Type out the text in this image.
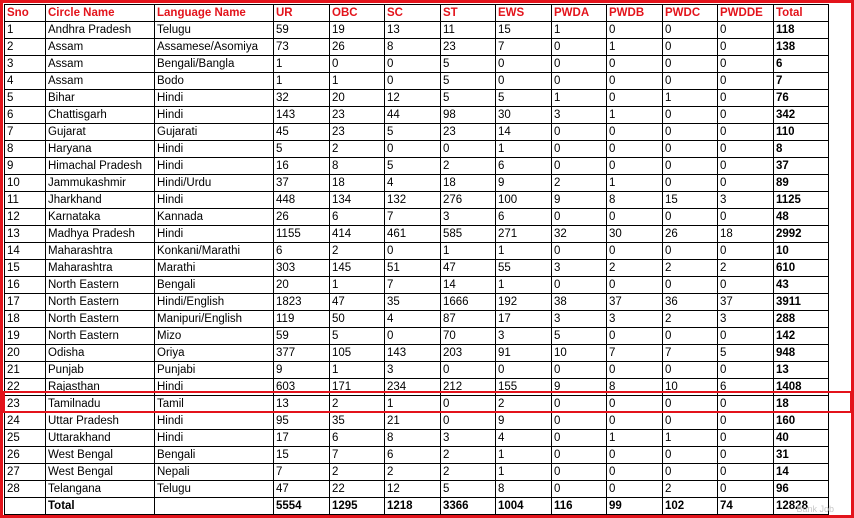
Sno	Circle Name	Language Name	UR	OBC	SC	ST	EWS	PWDA	PWDB	PWDC	PWDDE	Total
1	Andhra Pradesh	Telugu	59	19	13	11	15	1	0	0	0	118
2	Assam	Assamese/Asomiya	73	26	8	23	7	0	1	0	0	138
3	Assam	Bengali/Bangla	1	0	0	5	0	0	0	0	0	6
4	Assam	Bodo	1	1	0	5	0	0	0	0	0	7
5	Bihar	Hindi	32	20	12	5	5	1	0	1	0	76
6	Chattisgarh	Hindi	143	23	44	98	30	3	1	0	0	342
7	Gujarat	Gujarati	45	23	5	23	14	0	0	0	0	110
8	Haryana	Hindi	5	2	0	0	1	0	0	0	0	8
9	Himachal Pradesh	Hindi	16	8	5	2	6	0	0	0	0	37
10	Jammukashmir	Hindi/Urdu	37	18	4	18	9	2	1	0	0	89
11	Jharkhand	Hindi	448	134	132	276	100	9	8	15	3	1125
12	Karnataka	Kannada	26	6	7	3	6	0	0	0	0	48
13	Madhya Pradesh	Hindi	1155	414	461	585	271	32	30	26	18	2992
14	Maharashtra	Konkani/Marathi	6	2	0	1	1	0	0	0	0	10
15	Maharashtra	Marathi	303	145	51	47	55	3	2	2	2	610
16	North Eastern	Bengali	20	1	7	14	1	0	0	0	0	43
17	North Eastern	Hindi/English	1823	47	35	1666	192	38	37	36	37	3911
18	North Eastern	Manipuri/English	119	50	4	87	17	3	3	2	3	288
19	North Eastern	Mizo	59	5	0	70	3	5	0	0	0	142
20	Odisha	Oriya	377	105	143	203	91	10	7	7	5	948
21	Punjab	Punjabi	9	1	3	0	0	0	0	0	0	13
22	Rajasthan	Hindi	603	171	234	212	155	9	8	10	6	1408
23	Tamilnadu	Tamil	13	2	1	0	2	0	0	0	0	18
24	Uttar Pradesh	Hindi	95	35	21	0	9	0	0	0	0	160
25	Uttarakhand	Hindi	17	6	8	3	4	0	1	1	0	40
26	West Bengal	Bengali	15	7	6	2	1	0	0	0	0	31
27	West Bengal	Nepali	7	2	2	2	1	0	0	0	0	14
28	Telangana	Telugu	47	22	12	5	8	0	0	2	0	96
	Total		5554	1295	1218	3366	1004	116	99	102	74	12828
Bank Job
